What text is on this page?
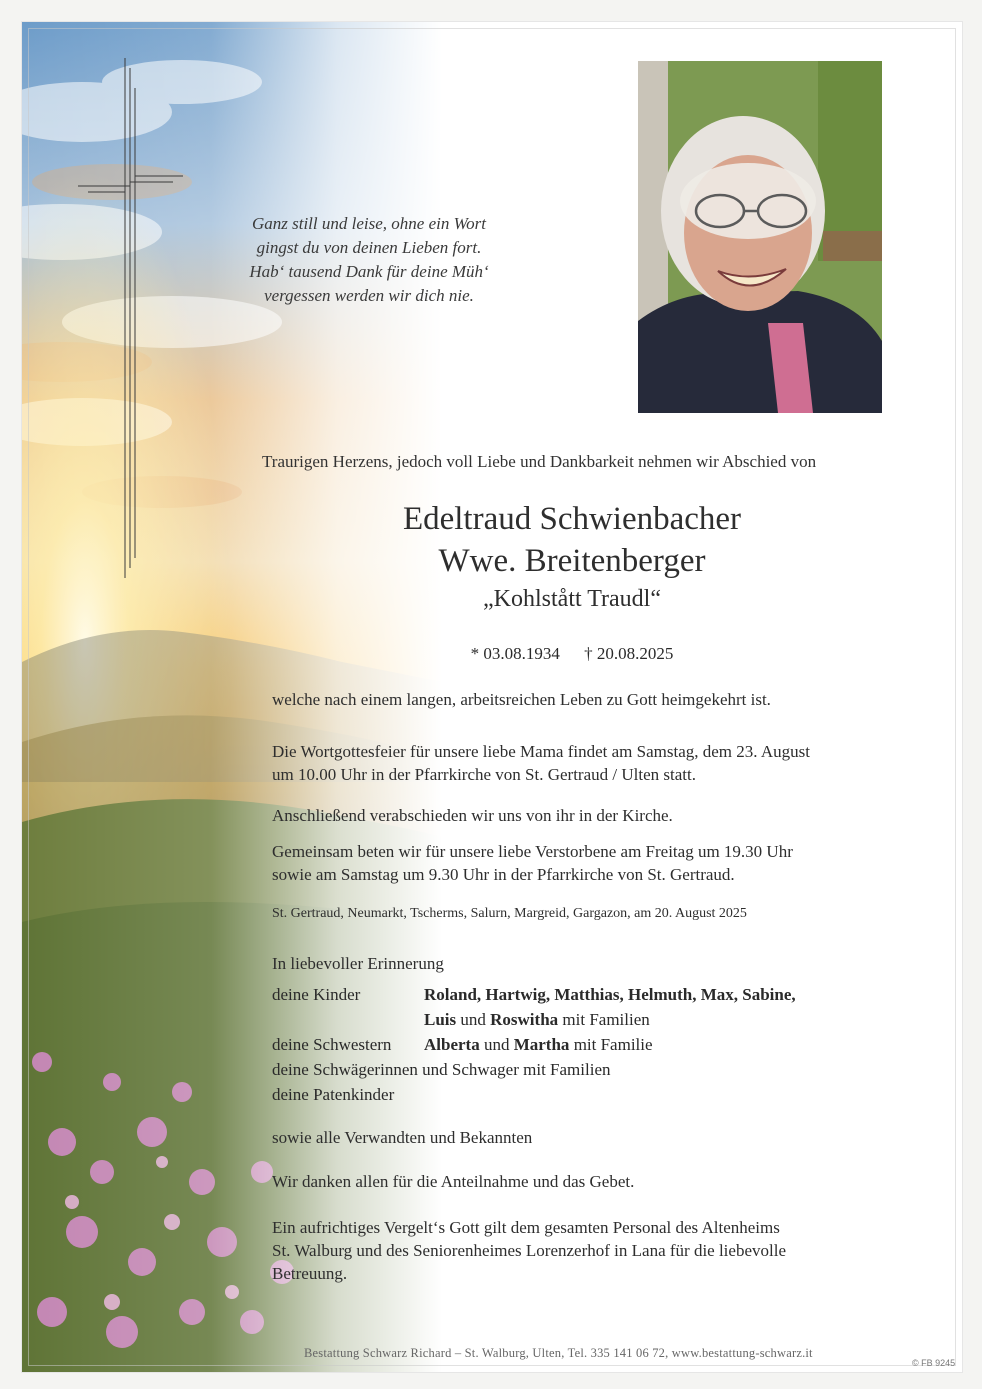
Ganz still und leise, ohne ein Wort
gingst du von deinen Lieben fort.
Hab‘ tausend Dank für deine Müh‘
vergessen werden wir dich nie.
Traurigen Herzens, jedoch voll Liebe und Dankbarkeit nehmen wir Abschied von
Edeltraud Schwienbacher
Wwe. Breitenberger
„Kohlstått Traudl“
* 03.08.1934 † 20.08.2025
welche nach einem langen, arbeitsreichen Leben zu Gott heimgekehrt ist.
Die Wortgottesfeier für unsere liebe Mama findet am Samstag, dem 23. August
um 10.00 Uhr in der Pfarrkirche von St. Gertraud / Ulten statt.
Anschließend verabschieden wir uns von ihr in der Kirche.
Gemeinsam beten wir für unsere liebe Verstorbene am Freitag um 19.30 Uhr
sowie am Samstag um 9.30 Uhr in der Pfarrkirche von St. Gertraud.
St. Gertraud, Neumarkt, Tscherms, Salurn, Margreid, Gargazon, am 20. August 2025
In liebevoller Erinnerung
deine Kinder	Roland, Hartwig, Matthias, Helmuth, Max, Sabine,
Luis und Roswitha mit Familien
deine Schwestern	Alberta und Martha mit Familie
deine Schwägerinnen und Schwager mit Familien
deine Patenkinder
sowie alle Verwandten und Bekannten
Wir danken allen für die Anteilnahme und das Gebet.
Ein aufrichtiges Vergelt‘s Gott gilt dem gesamten Personal des Altenheims
St. Walburg und des Seniorenheimes Lorenzerhof in Lana für die liebevolle
Betreuung.
Bestattung Schwarz Richard – St. Walburg, Ulten, Tel. 335 141 06 72, www.bestattung-schwarz.it
© FB 9245
